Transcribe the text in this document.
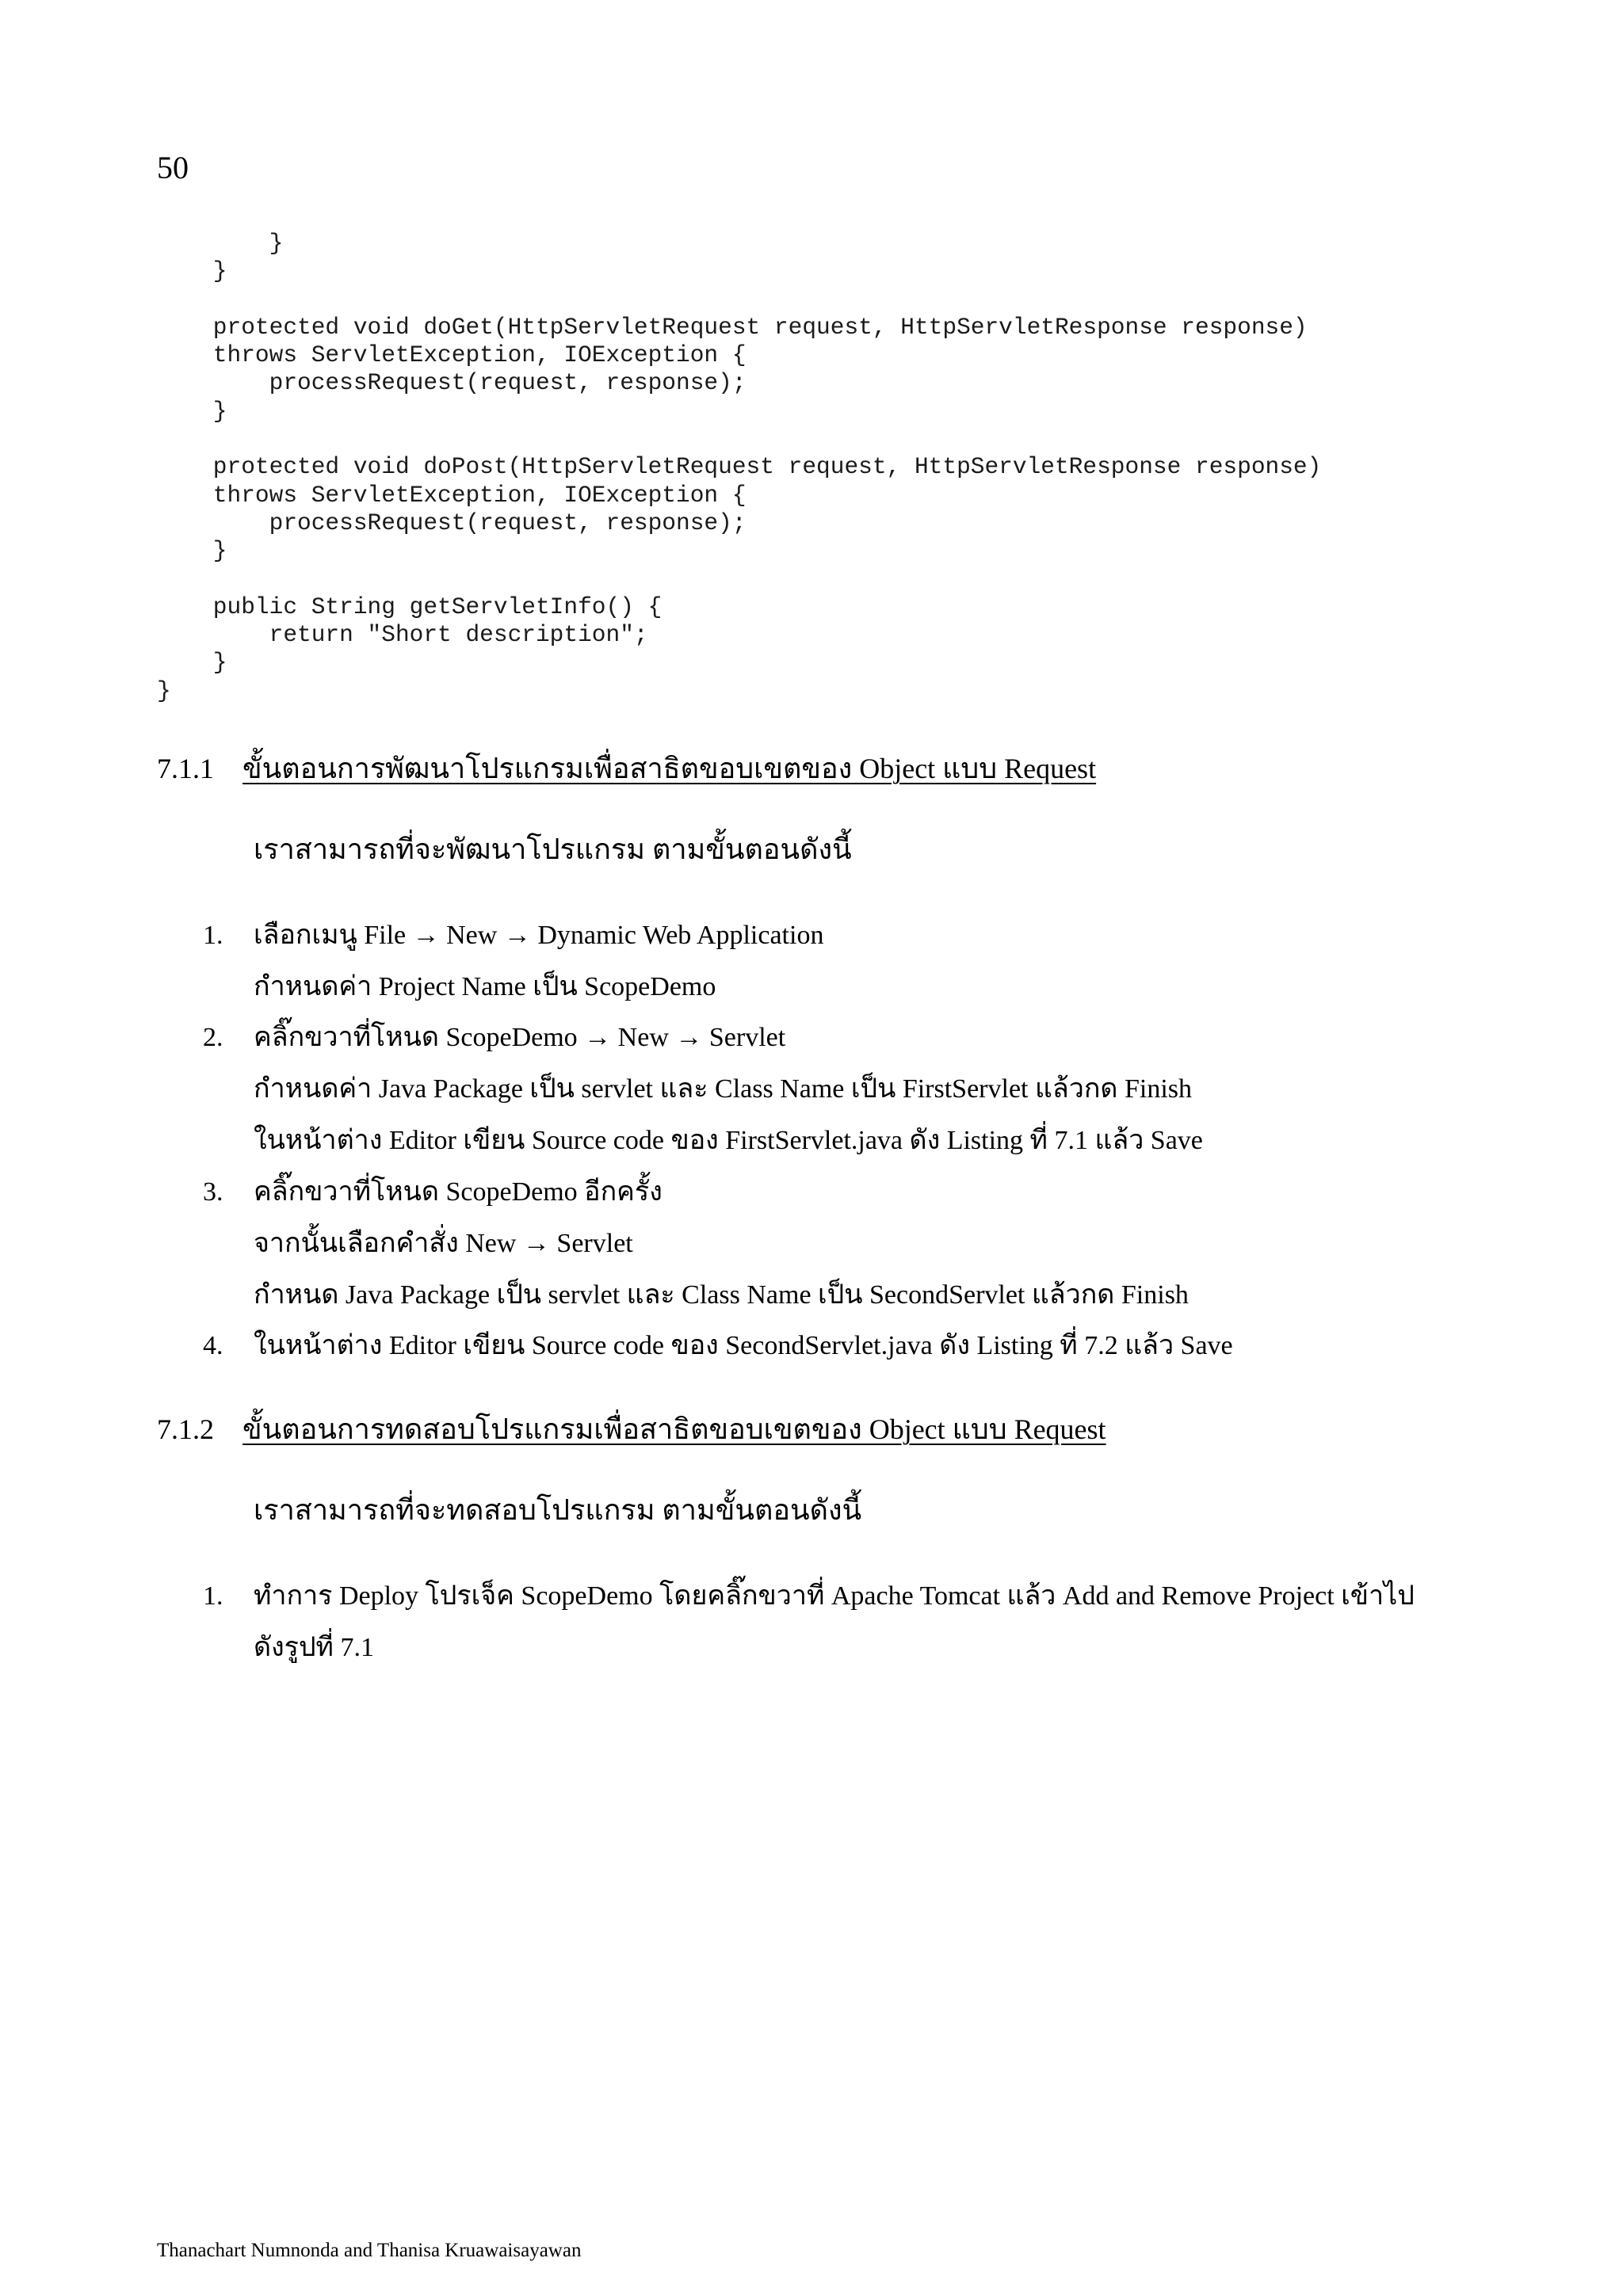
50
}
}
protected void doGet(HttpServletRequest request, HttpServletResponse response)
throws ServletException, IOException {
processRequest(request, response);
}
protected void doPost(HttpServletRequest request, HttpServletResponse response)
throws ServletException, IOException {
processRequest(request, response);
}
public String getServletInfo() {
return "Short description";
}
}
7.1.1 ขั้นตอนการพัฒนาโปรแกรมเพื่อสาธิตขอบเขตของ Object แบบ Request
เราสามารถที่จะพัฒนาโปรแกรม ตามขั้นตอนดังนี้
1. เลือกเมนู File → New → Dynamic Web Application
กำหนดค่า Project Name เป็น ScopeDemo
2. คลิ๊กขวาที่โหนด ScopeDemo → New → Servlet
กำหนดค่า Java Package เป็น servlet และ Class Name เป็น FirstServlet แล้วกด Finish
ในหน้าต่าง Editor เขียน Source code ของ FirstServlet.java ดัง Listing ที่ 7.1 แล้ว Save
3. คลิ๊กขวาที่โหนด ScopeDemo อีกครั้ง
จากนั้นเลือกคำสั่ง New → Servlet
กำหนด Java Package เป็น servlet และ Class Name เป็น SecondServlet แล้วกด Finish
4. ในหน้าต่าง Editor เขียน Source code ของ SecondServlet.java ดัง Listing ที่ 7.2 แล้ว Save
7.1.2 ขั้นตอนการทดสอบโปรแกรมเพื่อสาธิตขอบเขตของ Object แบบ Request
เราสามารถที่จะทดสอบโปรแกรม ตามขั้นตอนดังนี้
1. ทำการ Deploy โปรเจ็ค ScopeDemo โดยคลิ๊กขวาที่ Apache Tomcat แล้ว Add and Remove Project เข้าไป
ดังรูปที่ 7.1
Thanachart Numnonda and Thanisa Kruawaisayawan
